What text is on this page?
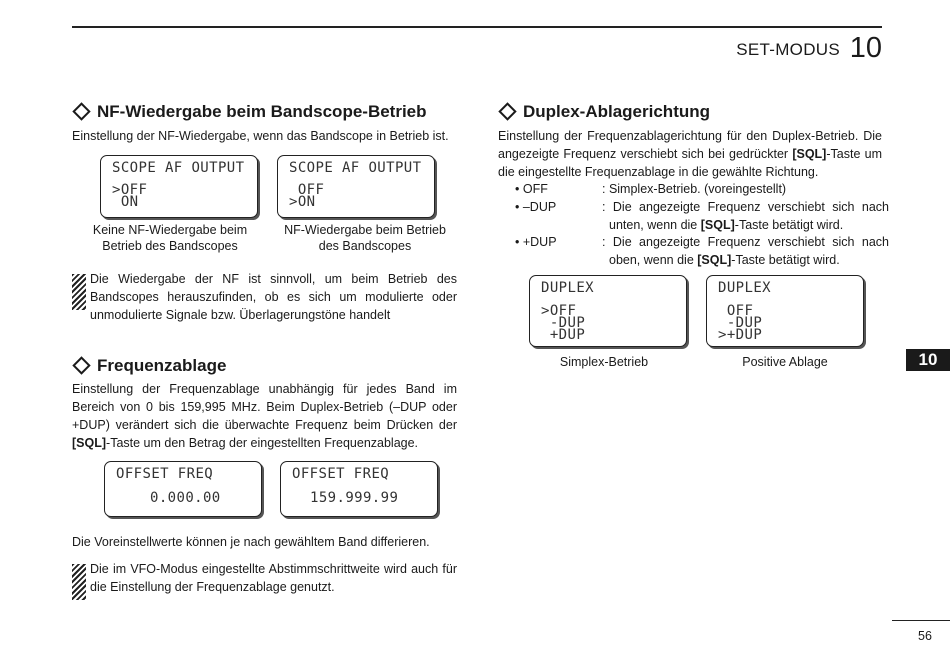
SET-MODUS 10
NF-Wiedergabe beim Bandscope-Betrieb
Einstellung der NF-Wiedergabe, wenn das Bandscope in Betrieb ist.
SCOPE AF OUTPUT
>OFF
ON
SCOPE AF OUTPUT
OFF
>ON
Keine NF-Wiedergabe beim Betrieb des Bandscopes
NF-Wiedergabe beim Betrieb des Bandscopes
Die Wiedergabe der NF ist sinnvoll, um beim Betrieb des Bandscopes herauszufinden, ob es sich um modulierte oder unmodulierte Signale bzw. Überlagerungstöne handelt
Frequenzablage
Einstellung der Frequenzablage unabhängig für jedes Band im Bereich von 0 bis 159,995 MHz. Beim Duplex-Betrieb (–DUP oder +DUP) verändert sich die überwachte Frequenz beim Drücken der [SQL]-Taste um den Betrag der eingestellten Frequenzablage.
OFFSET FREQ
0.000.00
OFFSET FREQ
159.999.99
Die Voreinstellwerte können je nach gewähltem Band differieren.
Die im VFO-Modus eingestellte Abstimmschrittweite wird auch für die Einstellung der Frequenzablage genutzt.
Duplex-Ablagerichtung
Einstellung der Frequenzablagerichtung für den Duplex-Betrieb. Die angezeigte Frequenz verschiebt sich bei gedrückter [SQL]-Taste um die eingestellte Frequenzablage in die gewählte Richtung.
• OFF	: Simplex-Betrieb. (voreingestellt)
• –DUP	: Die angezeigte Frequenz verschiebt sich nach unten, wenn die [SQL]-Taste betätigt wird.
• +DUP	: Die angezeigte Frequenz verschiebt sich nach oben, wenn die [SQL]-Taste betätigt wird.
DUPLEX
>OFF
-DUP
+DUP
DUPLEX
OFF
-DUP
>+DUP
Simplex-Betrieb	Positive Ablage	10
56
